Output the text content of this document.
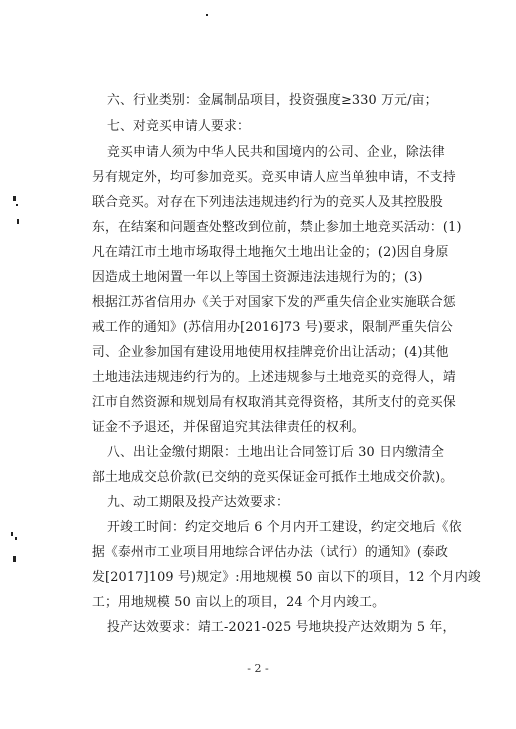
六、行业类别：金属制品项目，投资强度≥330 万元/亩；
七、对竞买申请人要求：
竞买申请人须为中华人民共和国境内的公司、企业，除法律
另有规定外，均可参加竞买。竞买申请人应当单独申请，不支持
联合竞买。对存在下列违法违规违约行为的竞买人及其控股股
东，在结案和问题查处整改到位前，禁止参加土地竞买活动：(1)
凡在靖江市土地市场取得土地拖欠土地出让金的；(2)因自身原
因造成土地闲置一年以上等国土资源违法违规行为的；(3)
根据江苏省信用办《关于对国家下发的严重失信企业实施联合惩
戒工作的通知》(苏信用办[2016]73 号)要求，限制严重失信公
司、企业参加国有建设用地使用权挂牌竞价出让活动；(4)其他
土地违法违规违约行为的。上述违规参与土地竞买的竞得人，靖
江市自然资源和规划局有权取消其竞得资格，其所支付的竞买保
证金不予退还，并保留追究其法律责任的权利。
八、出让金缴付期限：土地出让合同签订后 30 日内缴清全
部土地成交总价款(已交纳的竞买保证金可抵作土地成交价款)。
九、动工期限及投产达效要求：
开竣工时间：约定交地后 6 个月内开工建设，约定交地后《依
据《泰州市工业项目用地综合评估办法（试行）的通知》(泰政
发[2017]109 号)规定》:用地规模 50 亩以下的项目，12 个月内竣
工；用地规模 50 亩以上的项目，24 个月内竣工。
投产达效要求：靖工-2021-025 号地块投产达效期为 5 年，
- 2 -
